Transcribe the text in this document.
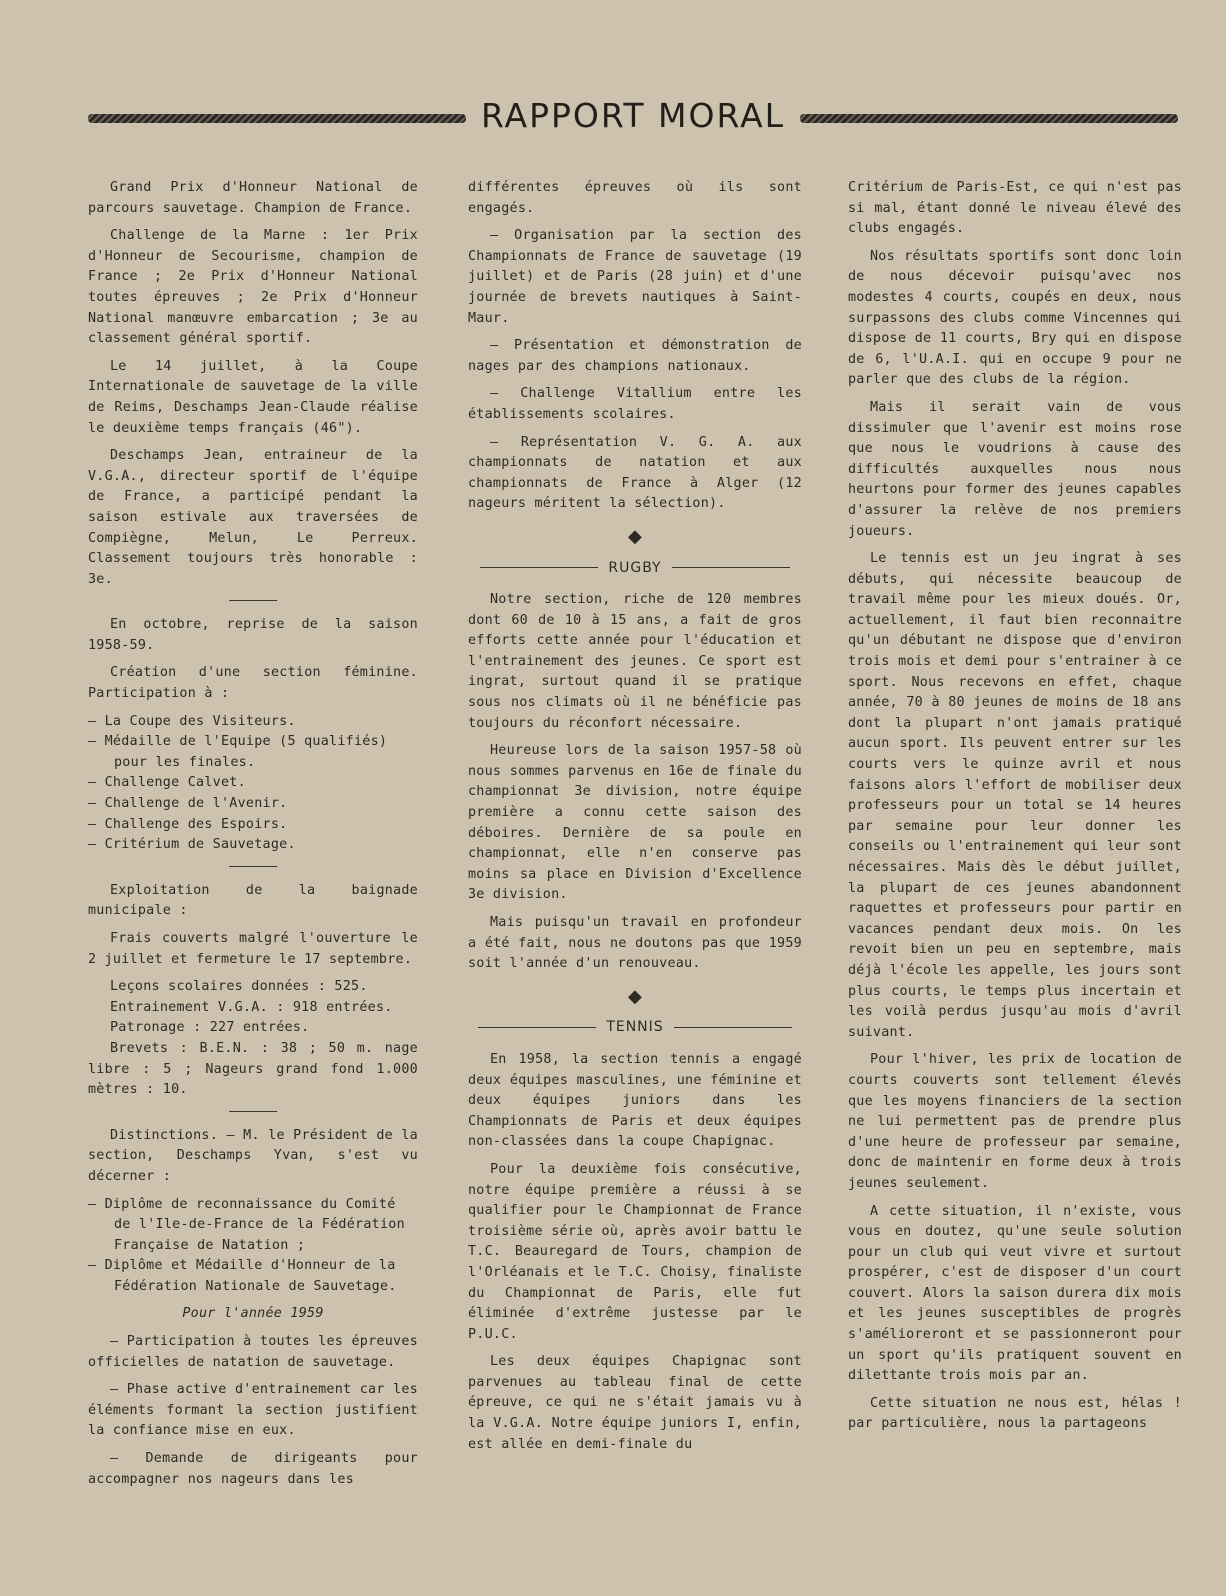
RAPPORT MORAL

Grand Prix d'Honneur National de parcours sauvetage. Champion de France.

Challenge de la Marne : 1er Prix d'Honneur de Secourisme, champion de France ; 2e Prix d'Honneur National toutes épreuves ; 2e Prix d'Honneur National manœuvre embarcation ; 3e au classement général sportif.

Le 14 juillet, à la Coupe Internationale de sauvetage de la ville de Reims, Deschamps Jean-Claude réalise le deuxième temps français (46").

Deschamps Jean, entraineur de la V.G.A., directeur sportif de l'équipe de France, a participé pendant la saison estivale aux traversées de Compiègne, Melun, Le Perreux. Classement toujours très honorable : 3e.

En octobre, reprise de la saison 1958-59.

Création d'une section féminine. Participation à :

— La Coupe des Visiteurs.
— Médaille de l'Equipe (5 qualifiés) pour les finales.
— Challenge Calvet.
— Challenge de l'Avenir.
— Challenge des Espoirs.
— Critérium de Sauvetage.

Exploitation de la baignade municipale :

Frais couverts malgré l'ouverture le 2 juillet et fermeture le 17 septembre.

Leçons scolaires données : 525.

Entrainement V.G.A. : 918 entrées.

Patronage : 227 entrées.

Brevets : B.E.N. : 38 ; 50 m. nage libre : 5 ; Nageurs grand fond 1.000 mètres : 10.

Distinctions. — M. le Président de la section, Deschamps Yvan, s'est vu décerner :

— Diplôme de reconnaissance du Comité de l'Ile-de-France de la Fédération Française de Natation ;
— Diplôme et Médaille d'Honneur de la Fédération Nationale de Sauvetage.
Pour l'année 1959

— Participation à toutes les épreuves officielles de natation de sauvetage.

— Phase active d'entrainement car les éléments formant la section justifient la confiance mise en eux.

— Demande de dirigeants pour accompagner nos nageurs dans les

différentes épreuves où ils sont engagés.

— Organisation par la section des Championnats de France de sauvetage (19 juillet) et de Paris (28 juin) et d'une journée de brevets nautiques à Saint-Maur.

— Présentation et démonstration de nages par des champions nationaux.

— Challenge Vitallium entre les établissements scolaires.

— Représentation V. G. A. aux championnats de natation et aux championnats de France à Alger (12 nageurs méritent la sélection).

◆
RUGBY

Notre section, riche de 120 membres dont 60 de 10 à 15 ans, a fait de gros efforts cette année pour l'éducation et l'entrainement des jeunes. Ce sport est ingrat, surtout quand il se pratique sous nos climats où il ne bénéficie pas toujours du réconfort nécessaire.

Heureuse lors de la saison 1957-58 où nous sommes parvenus en 16e de finale du championnat 3e division, notre équipe première a connu cette saison des déboires. Dernière de sa poule en championnat, elle n'en conserve pas moins sa place en Division d'Excellence 3e division.

Mais puisqu'un travail en profondeur a été fait, nous ne doutons pas que 1959 soit l'année d'un renouveau.

◆
TENNIS

En 1958, la section tennis a engagé deux équipes masculines, une féminine et deux équipes juniors dans les Championnats de Paris et deux équipes non-classées dans la coupe Chapignac.

Pour la deuxième fois consécutive, notre équipe première a réussi à se qualifier pour le Championnat de France troisième série où, après avoir battu le T.C. Beauregard de Tours, champion de l'Orléanais et le T.C. Choisy, finaliste du Championnat de Paris, elle fut éliminée d'extrême justesse par le P.U.C.

Les deux équipes Chapignac sont parvenues au tableau final de cette épreuve, ce qui ne s'était jamais vu à la V.G.A. Notre équipe juniors I, enfin, est allée en demi-finale du

Critérium de Paris-Est, ce qui n'est pas si mal, étant donné le niveau élevé des clubs engagés.

Nos résultats sportifs sont donc loin de nous décevoir puisqu'avec nos modestes 4 courts, coupés en deux, nous surpassons des clubs comme Vincennes qui dispose de 11 courts, Bry qui en dispose de 6, l'U.A.I. qui en occupe 9 pour ne parler que des clubs de la région.

Mais il serait vain de vous dissimuler que l'avenir est moins rose que nous le voudrions à cause des difficultés auxquelles nous nous heurtons pour former des jeunes capables d'assurer la relève de nos premiers joueurs.

Le tennis est un jeu ingrat à ses débuts, qui nécessite beaucoup de travail même pour les mieux doués. Or, actuellement, il faut bien reconnaitre qu'un débutant ne dispose que d'environ trois mois et demi pour s'entrainer à ce sport. Nous recevons en effet, chaque année, 70 à 80 jeunes de moins de 18 ans dont la plupart n'ont jamais pratiqué aucun sport. Ils peuvent entrer sur les courts vers le quinze avril et nous faisons alors l'effort de mobiliser deux professeurs pour un total se 14 heures par semaine pour leur donner les conseils ou l'entrainement qui leur sont nécessaires. Mais dès le début juillet, la plupart de ces jeunes abandonnent raquettes et professeurs pour partir en vacances pendant deux mois. On les revoit bien un peu en septembre, mais déjà l'école les appelle, les jours sont plus courts, le temps plus incertain et les voilà perdus jusqu'au mois d'avril suivant.

Pour l'hiver, les prix de location de courts couverts sont tellement élevés que les moyens financiers de la section ne lui permettent pas de prendre plus d'une heure de professeur par semaine, donc de maintenir en forme deux à trois jeunes seulement.

A cette situation, il n'existe, vous vous en doutez, qu'une seule solution pour un club qui veut vivre et surtout prospérer, c'est de disposer d'un court couvert. Alors la saison durera dix mois et les jeunes susceptibles de progrès s'amélioreront et se passionneront pour un sport qu'ils pratiquent souvent en dilettante trois mois par an.

Cette situation ne nous est, hélas ! par particulière, nous la partageons
